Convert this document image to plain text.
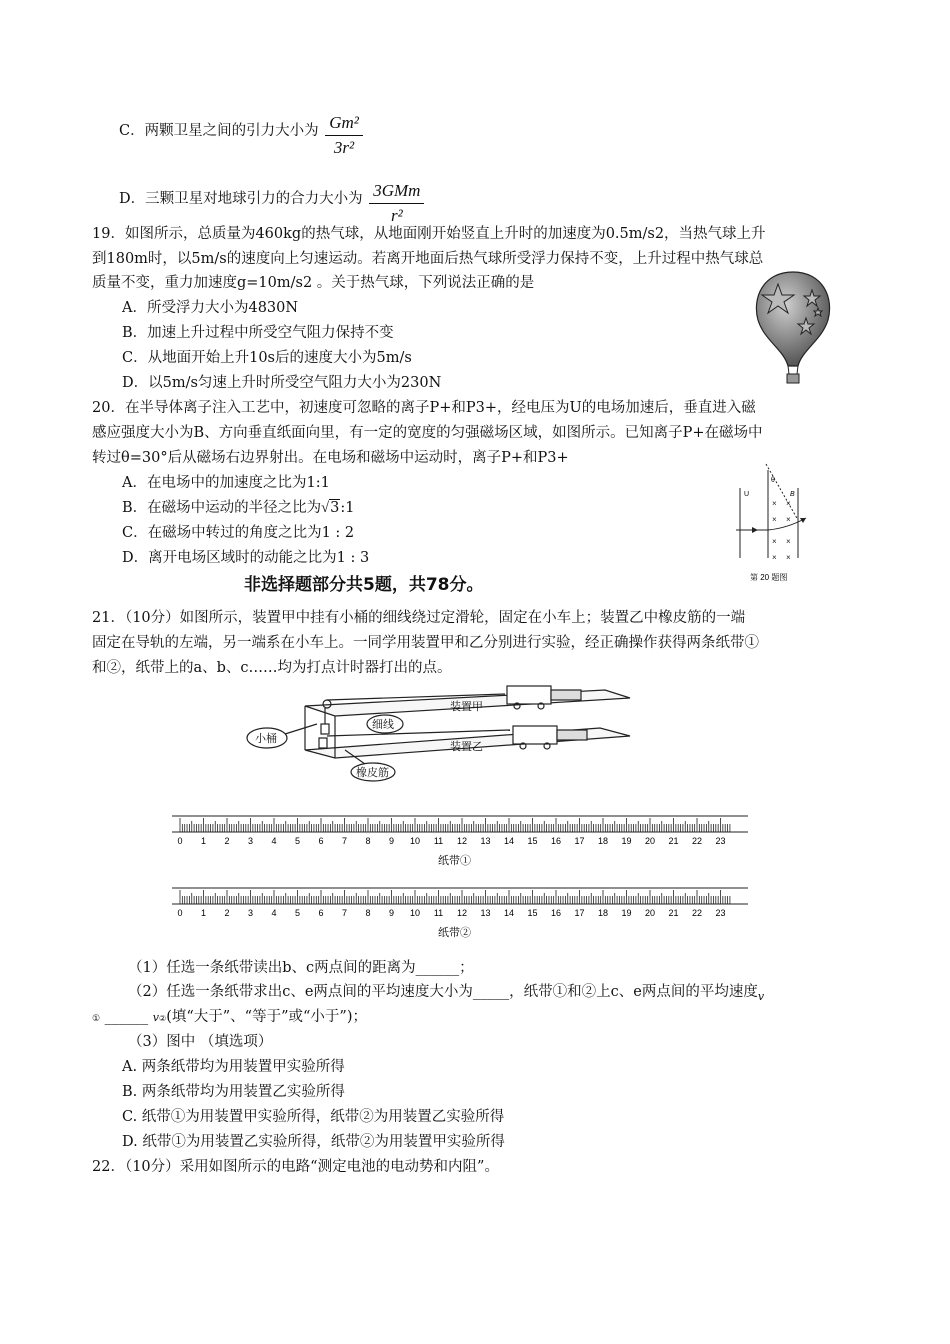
C．两颗卫星之间的引力大小为 $\frac{\text{Gm²}}{\text{3r²}}$
D．三颗卫星对地球引力的合力大小为 $\frac{\text{3GMm}}{\text{r²}}$
19．如图所示，总质量为460kg的热气球，从地面刚开始竖直上升时的加速度为0.5m/s2，当热气球上升
到180m时，以5m/s的速度向上匀速运动。若离开地面后热气球所受浮力保持不变，上升过程中热气球总
质量不变，重力加速度g=10m/s2 。关于热气球，下列说法正确的是
A．所受浮力大小为4830N
B．加速上升过程中所受空气阻力保持不变
C．从地面开始上升10s后的速度大小为5m/s
D．以5m/s匀速上升时所受空气阻力大小为230N
20．在半导体离子注入工艺中，初速度可忽略的离子P+和P3+，经电压为U的电场加速后，垂直进入磁
感应强度大小为B、方向垂直纸面向里，有一定的宽度的匀强磁场区域，如图所示。已知离子P+在磁场中
转过θ=30°后从磁场右边界射出。在电场和磁场中运动时，离子P+和P3+
A．在电场中的加速度之比为1:1
B．在磁场中运动的半径之比为√3:1
C．在磁场中转过的角度之比为1 : 2
D．离开电场区域时的动能之比为1 : 3
U	B
θ
× ×
× ×
× ×
× ×
第 20 题图
非选择题部分共5题，共78分。
21．（10分）如图所示，装置甲中挂有小桶的细线绕过定滑轮，固定在小车上；装置乙中橡皮筋的一端
固定在导轨的左端，另一端系在小车上。一同学用装置甲和乙分别进行实验，经正确操作获得两条纸带①
和②，纸带上的a、b、c……均为打点计时器打出的点。
小桶
细线
装置甲
装置乙
橡皮筋
0 1 2 3 4 5 6 7 8 9 10 11 12 13 14 15 16 17 18 19 20 21 22 23
纸带①
0 1 2 3 4 5 6 7 8 9 10 11 12 13 14 15 16 17 18 19 20 21 22 23
纸带②
（1）任选一条纸带读出b、c两点间的距离为______；
（2）任选一条纸带求出c、e两点间的平均速度大小为_____，纸带①和②上c、e两点间的平均速度$_v$
① ______ v②(填“大于”、“等于”或“小于”)；
（3）图中 （填选项）
A. 两条纸带均为用装置甲实验所得
B. 两条纸带均为用装置乙实验所得
C. 纸带①为用装置甲实验所得，纸带②为用装置乙实验所得
D. 纸带①为用装置乙实验所得，纸带②为用装置甲实验所得
22．（10分）采用如图所示的电路“测定电池的电动势和内阻”。
